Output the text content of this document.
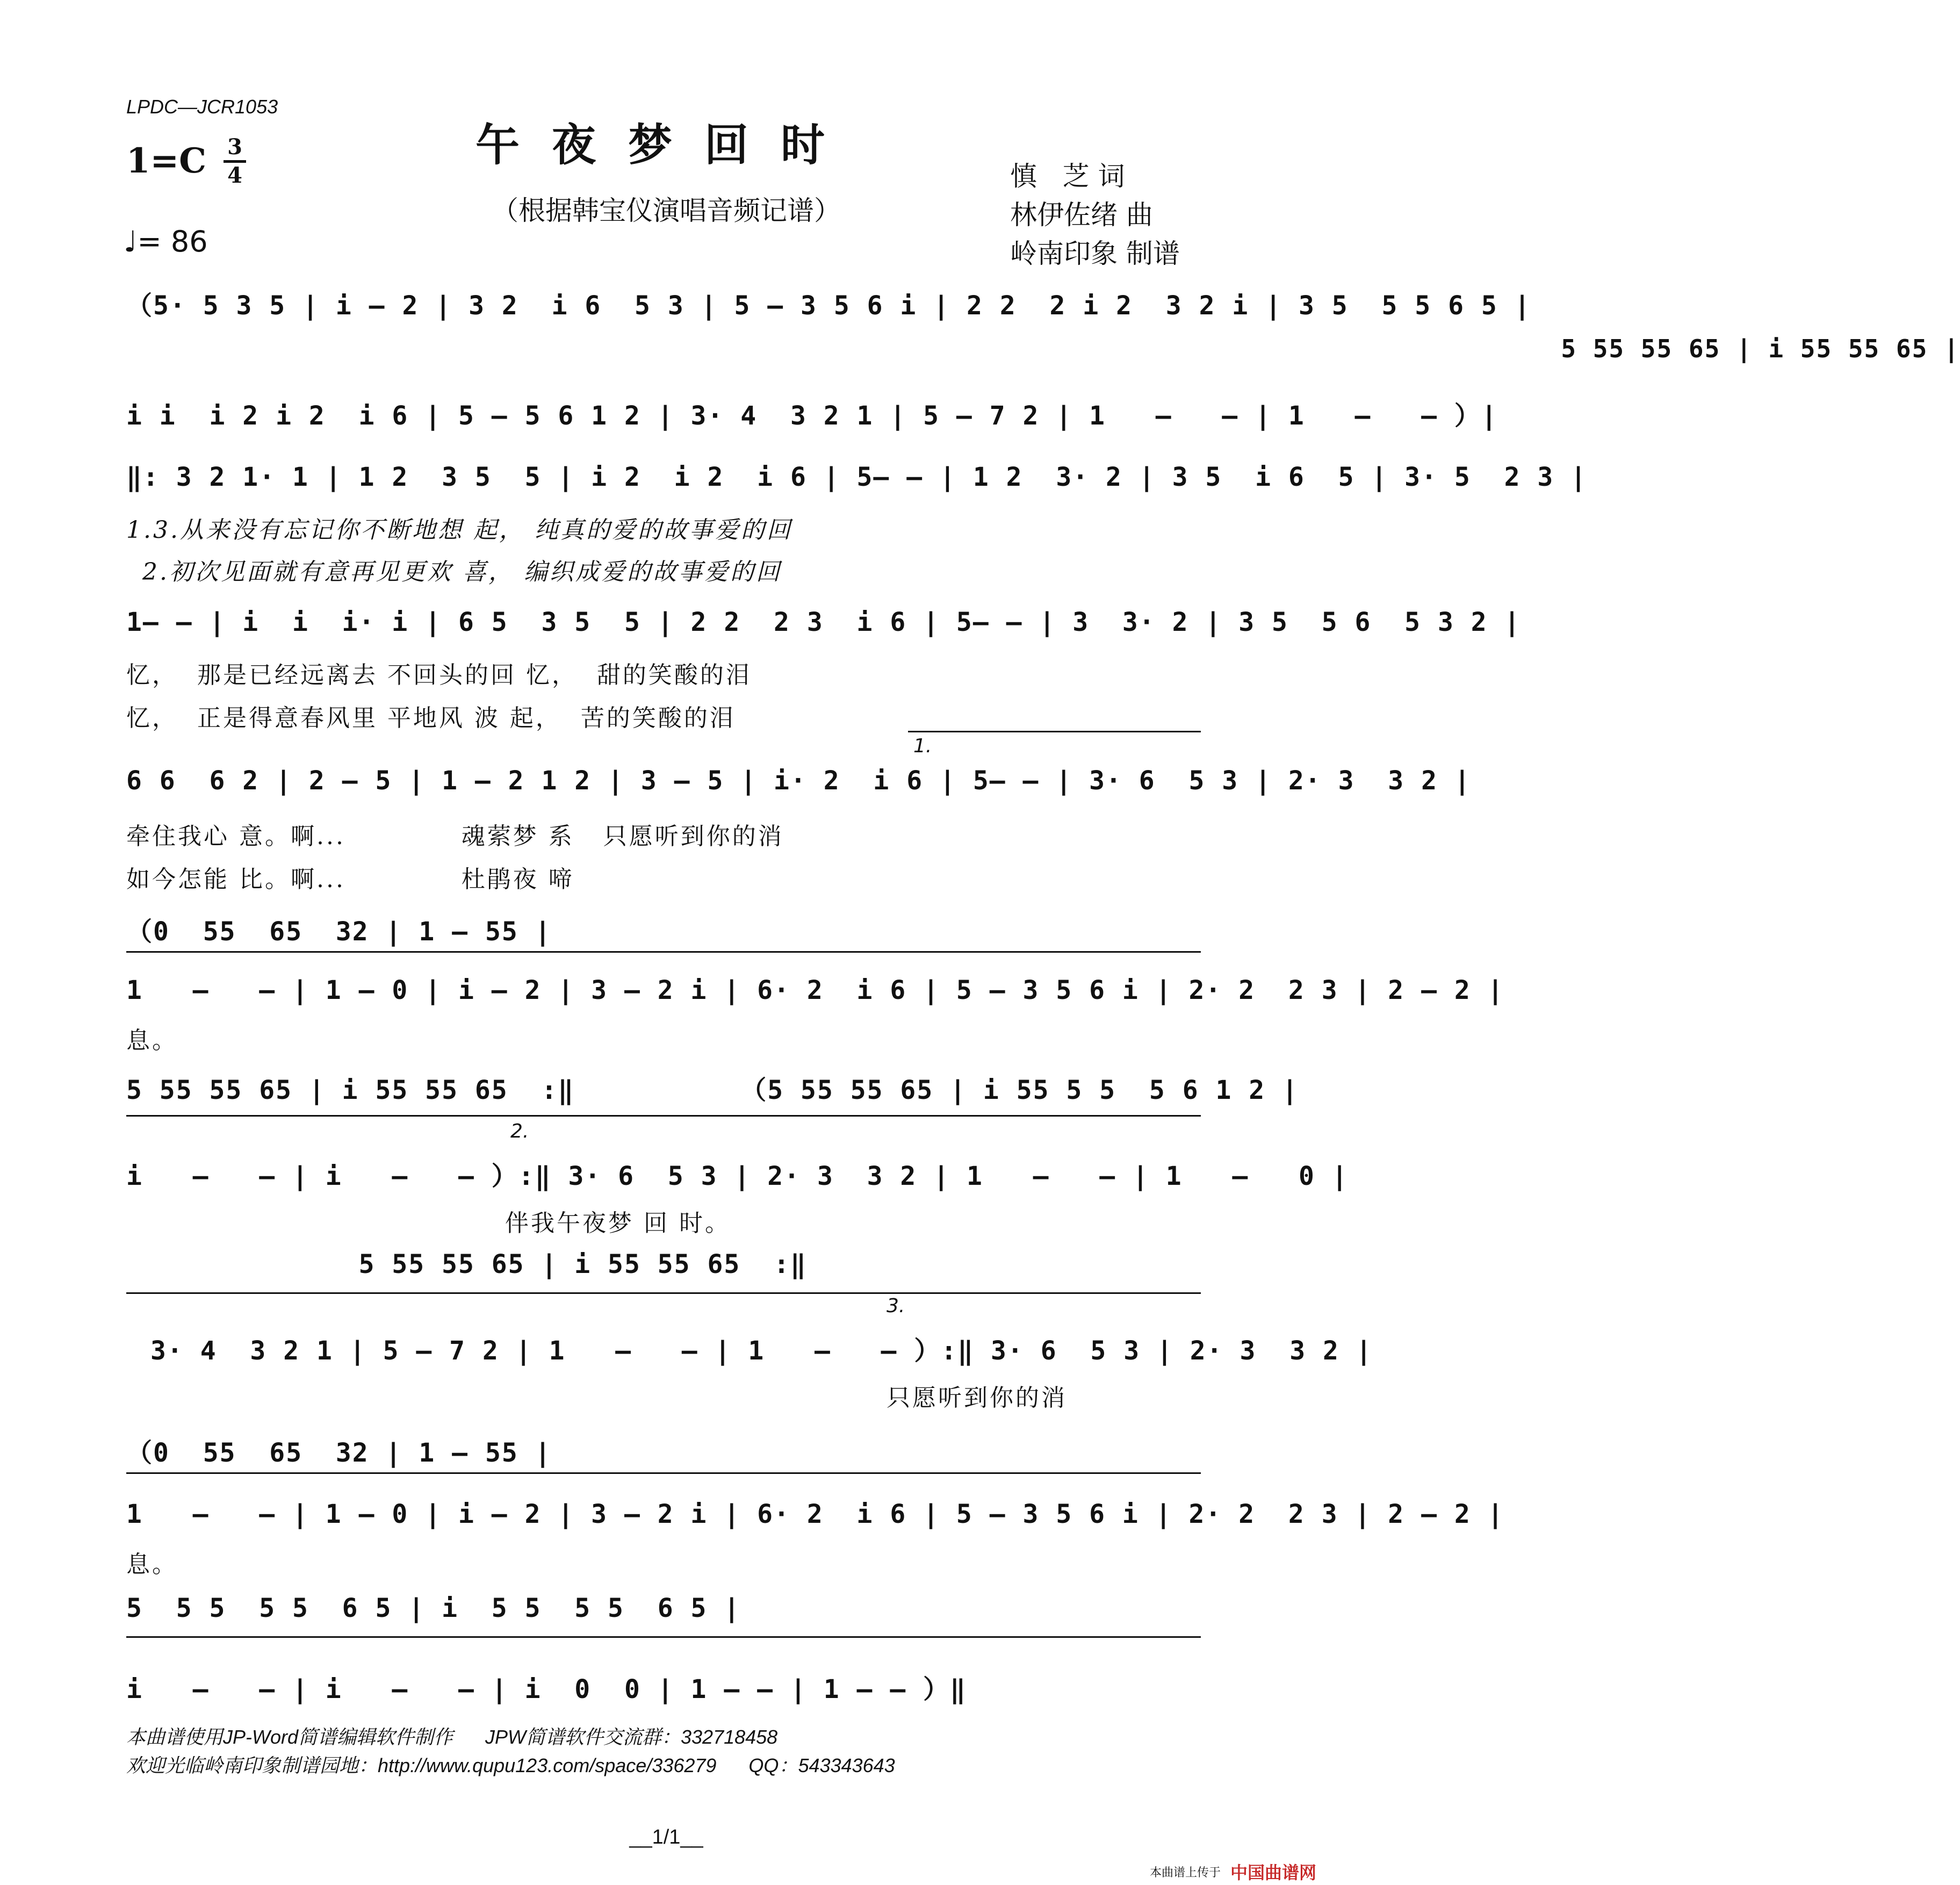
LPDC—JCR1053
午夜梦回时
（根据韩宝仪演唱音频记谱）
1=C 3
4
♩= 86
慎   芝 词
林伊佐绪 曲
岭南印象 制谱
（5· 5 3 5 | i – 2 | 3 2  i 6  5 3 | 5 – 3 5 6 i | 2 2  2 i 2  3 2 i | 3 5  5 5 6 5 |
5 55 55 65 | i 55 55 65 |
i i  i 2 i 2  i 6 | 5 – 5 6 1 2 | 3· 4  3 2 1 | 5 – 7 2 | 1   –   – | 1   –   – ）|
‖: 3 2 1· 1 | 1 2  3 5  5 | i 2  i 2  i 6 | 5– – | 1 2  3· 2 | 3 5  i 6  5 | 3· 5  2 3 |
1.3.从来没有忘记你不断地想 起， 纯真的爱的故事爱的回
2.初次见面就有意再见更欢 喜， 编织成爱的故事爱的回
1– – | i  i  i· i | 6 5  3 5  5 | 2 2  2 3  i 6 | 5– – | 3  3· 2 | 3 5  5 6  5 3 2 |
忆，  那是已经远离去 不回头的回 忆，  甜的笑酸的泪
忆，  正是得意春风里 平地风 波 起，  苦的笑酸的泪
1.
6 6  6 2 | 2 – 5 | 1 – 2 1 2 | 3 – 5 | i· 2  i 6 | 5– – | 3· 6  5 3 | 2· 3  3 2 |
牵住我心 意。啊...            魂萦梦 系   只愿听到你的消
如今怎能 比。啊...            杜鹃夜 啼
（0  55  65  32 | 1 – 55 |
1   –   – | 1 – 0 | i – 2 | 3 – 2 i | 6· 2  i 6 | 5 – 3 5 6 i | 2· 2  2 3 | 2 – 2 |
息。
5 55 55 65 | i 55 55 65  :‖          （5 55 55 65 | i 55 5 5  5 6 1 2 |
2.
i   –   – | i   –   – ）:‖ 3· 6  5 3 | 2· 3  3 2 | 1   –   – | 1   –   0 |
伴我午夜梦 回 时。
5 55 55 65 | i 55 55 65  :‖
3.
3· 4  3 2 1 | 5 – 7 2 | 1   –   – | 1   –   – ）:‖ 3· 6  5 3 | 2· 3  3 2 |
只愿听到你的消
（0  55  65  32 | 1 – 55 |
1   –   – | 1 – 0 | i – 2 | 3 – 2 i | 6· 2  i 6 | 5 – 3 5 6 i | 2· 2  2 3 | 2 – 2 |
息。
5  5 5  5 5  6 5 | i  5 5  5 5  6 5 |
i   –   – | i   –   – | i  0  0 | 1 – – | 1 – – ）‖
本曲谱使用JP-Word简谱编辑软件制作      JPW简谱软件交流群：332718458
欢迎光临岭南印象制谱园地：http://www.qupu123.com/space/336279      QQ：543343643
__1/1__
本曲谱上传于 中国曲谱网
